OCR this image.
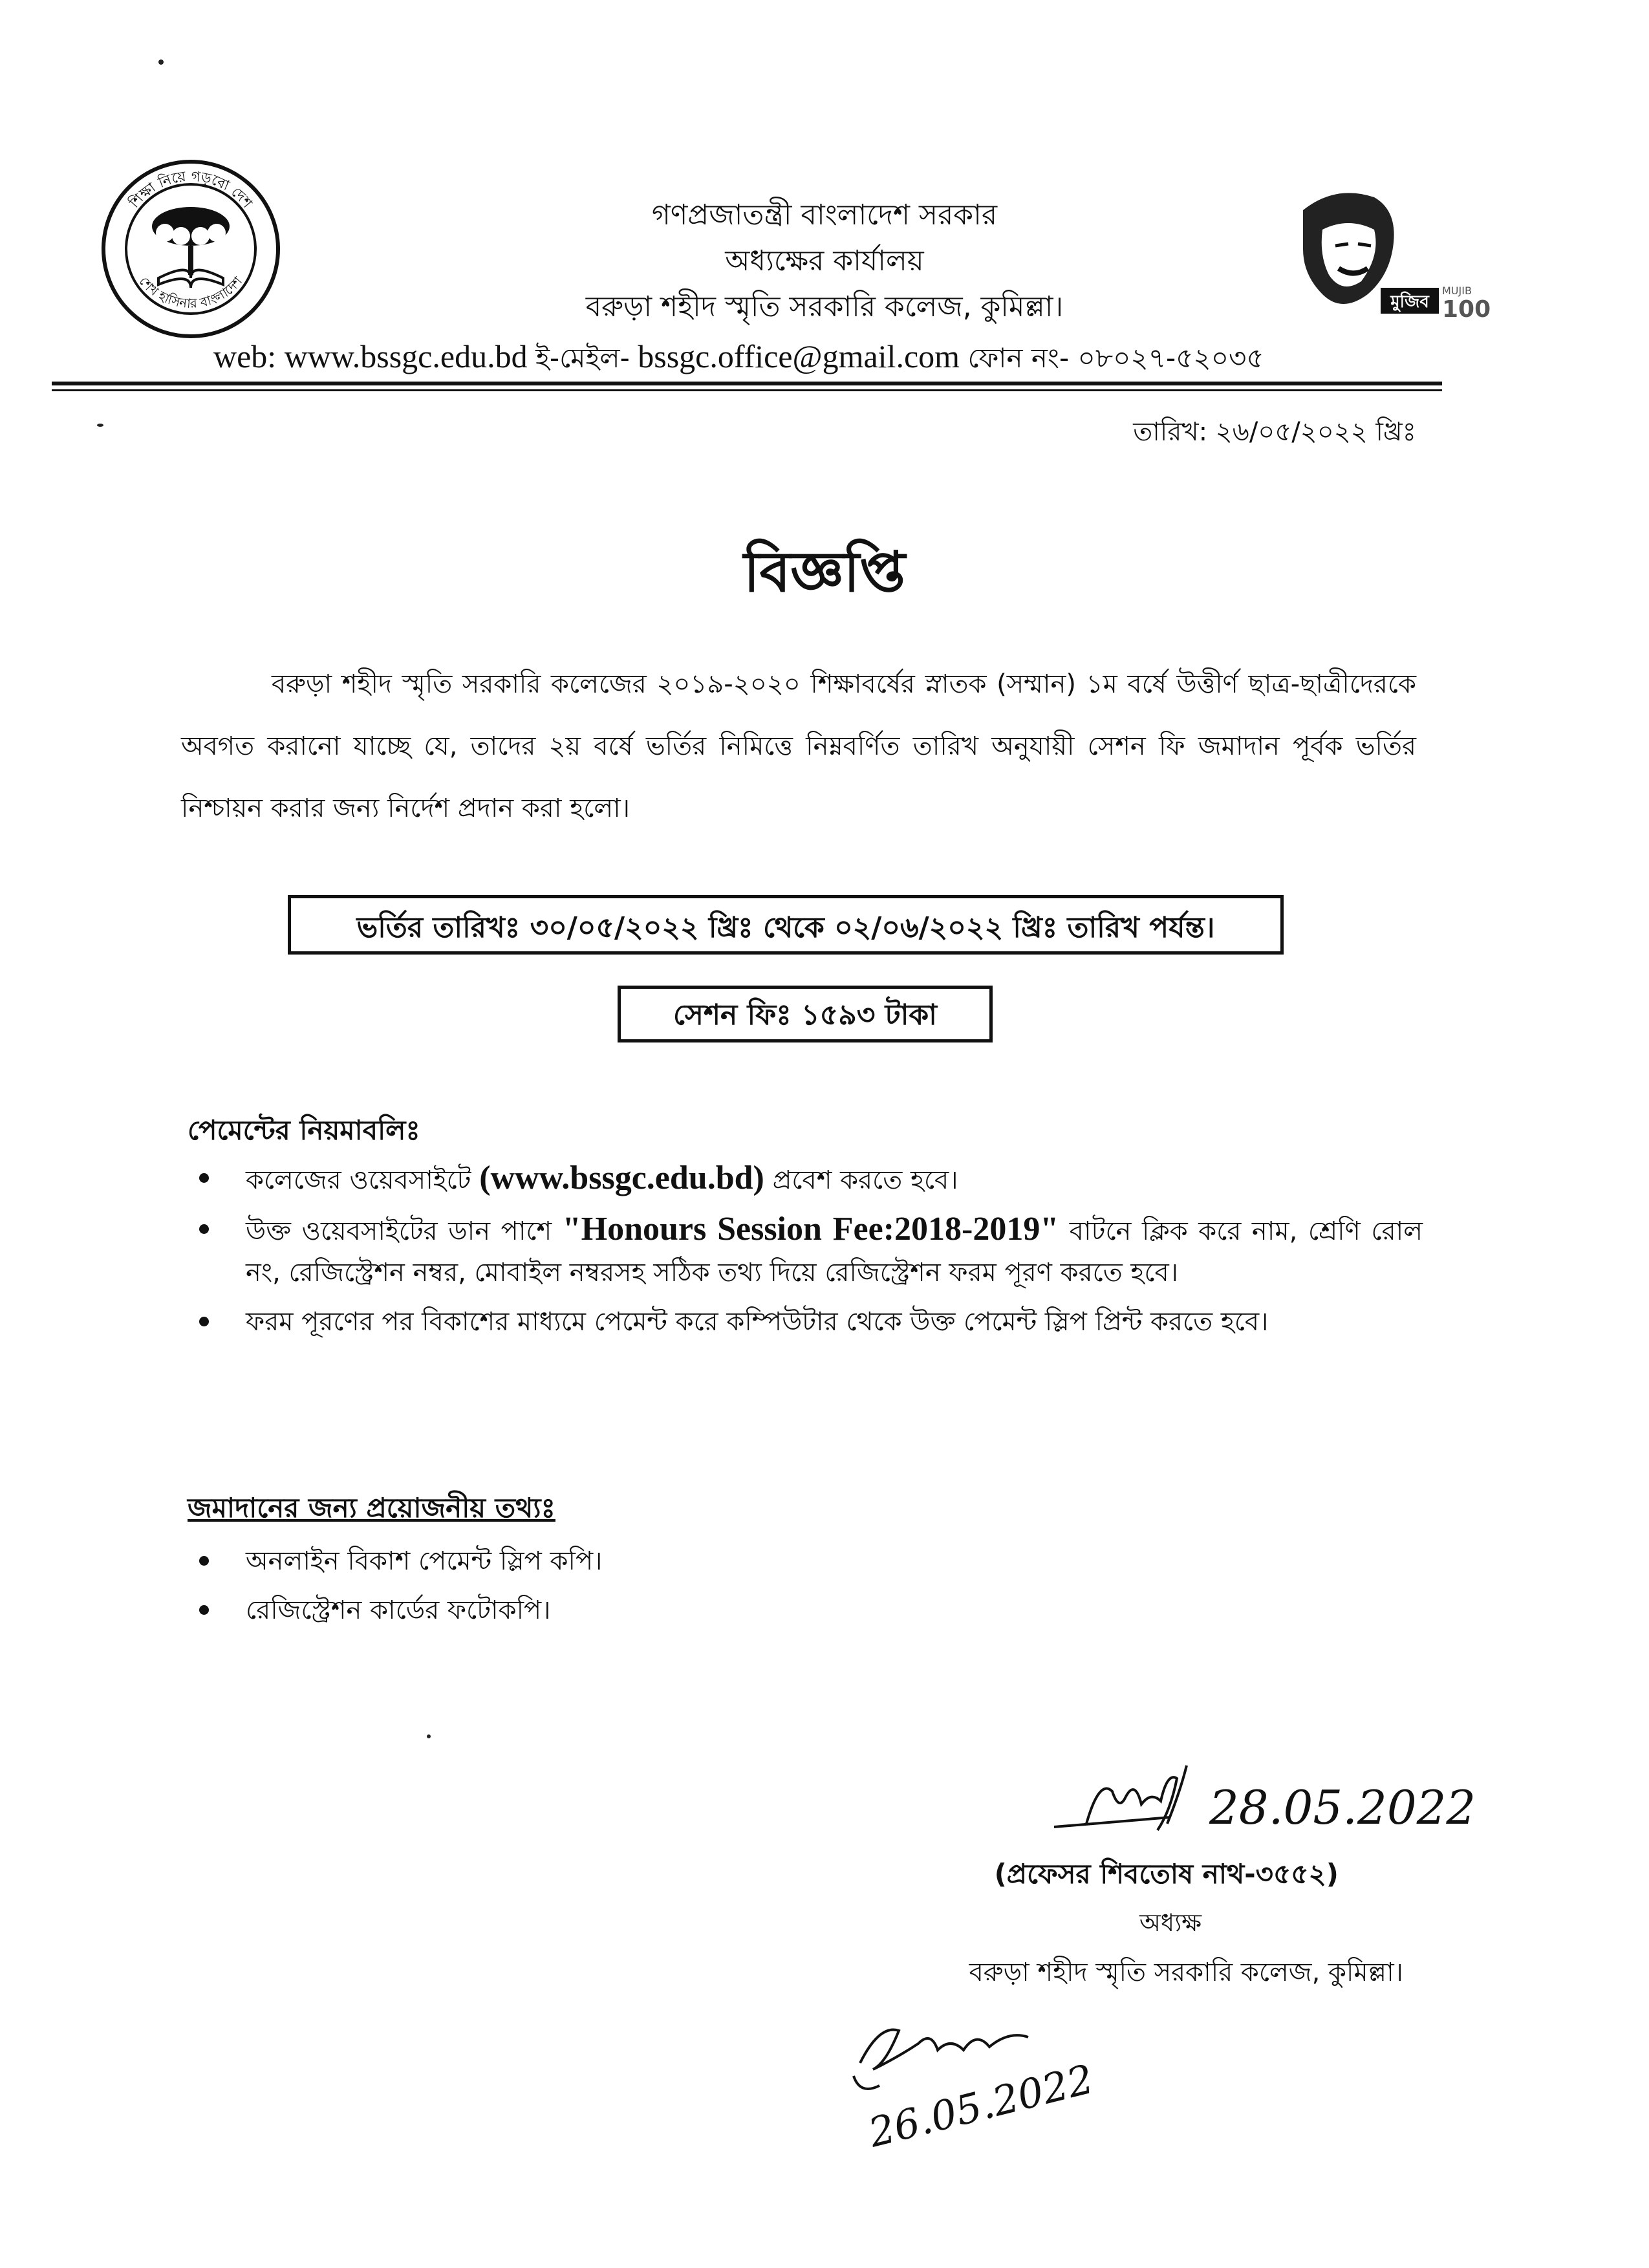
শিক্ষা নিয়ে গড়বো দেশ
শেখ হাসিনার বাংলাদেশ
গণপ্রজাতন্ত্রী বাংলাদেশ সরকার
অধ্যক্ষের কার্যালয়
বরুড়া শহীদ স্মৃতি সরকারি কলেজ, কুমিল্লা।	মুজিব
MUJIB
100
web: www.bssgc.edu.bd ই-মেইল- bssgc.office@gmail.com ফোন নং- ০৮০২৭-৫২০৩৫
তারিখ: ২৬/০৫/২০২২ খ্রিঃ
বিজ্ঞপ্তি
বরুড়া শহীদ স্মৃতি সরকারি কলেজের ২০১৯-২০২০ শিক্ষাবর্ষের স্নাতক (সম্মান) ১ম বর্ষে উত্তীর্ণ ছাত্র-ছাত্রীদেরকে অবগত করানো যাচ্ছে যে, তাদের ২য় বর্ষে ভর্তির নিমিত্তে নিম্নবর্ণিত তারিখ অনুযায়ী সেশন ফি জমাদান পূর্বক ভর্তির নিশ্চায়ন করার জন্য নির্দেশ প্রদান করা হলো।
ভর্তির তারিখঃ ৩০/০৫/২০২২ খ্রিঃ থেকে ০২/০৬/২০২২ খ্রিঃ তারিখ পর্যন্ত।
সেশন ফিঃ ১৫৯৩ টাকা
পেমেন্টের নিয়মাবলিঃ
কলেজের ওয়েবসাইটে (www.bssgc.edu.bd) প্রবেশ করতে হবে।
উক্ত ওয়েবসাইটের ডান পাশে "Honours Session Fee:2018-2019" বাটনে ক্লিক করে নাম, শ্রেণি রোল নং, রেজিস্ট্রেশন নম্বর, মোবাইল নম্বরসহ সঠিক তথ্য দিয়ে রেজিস্ট্রেশন ফরম পূরণ করতে হবে।
ফরম পূরণের পর বিকাশের মাধ্যমে পেমেন্ট করে কম্পিউটার থেকে উক্ত পেমেন্ট স্লিপ প্রিন্ট করতে হবে।
জমাদানের জন্য প্রয়োজনীয় তথ্যঃ
অনলাইন বিকাশ পেমেন্ট স্লিপ কপি।
রেজিস্ট্রেশন কার্ডের ফটোকপি।
28.05.2022
(প্রফেসর শিবতোষ নাথ-৩৫৫২)
অধ্যক্ষ
বরুড়া শহীদ স্মৃতি সরকারি কলেজ, কুমিল্লা।
26.05.2022
